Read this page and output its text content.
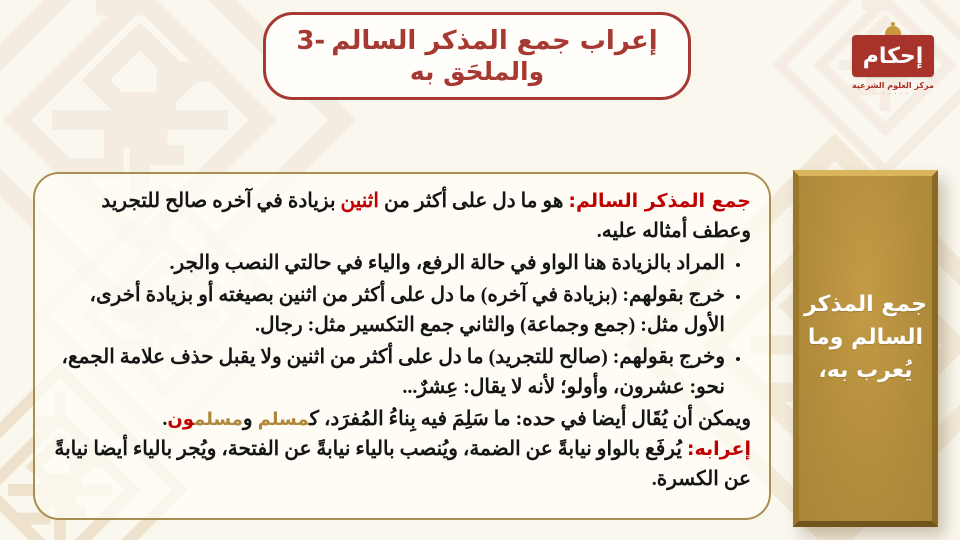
إحكام
مركز العلوم الشرعية
· · · · · ·
3- إعراب جمع المذكر السالم
والملحَق به

جمع المذكر السالم: هو ما دل على أكثر من اثنين بزيادة في آخره صالح للتجريد وعطف أمثاله عليه.

• المراد بالزيادة هنا الواو في حالة الرفع، والياء في حالتي النصب والجر.
• خرج بقولهم: (بزيادة في آخره) ما دل على أكثر من اثنين بصيغته أو بزيادة أخرى، الأول مثل: (جمع وجماعة) والثاني جمع التكسير مثل: رجال.
• وخرج بقولهم: (صالح للتجريد) ما دل على أكثر من اثنين ولا يقبل حذف علامة الجمع، نحو: عشرون، وأولو؛ لأنه لا يقال: عِشرٌ...

ويمكن أن يُقَال أيضا في حده: ما سَلِمَ فيه بِناءُ المُفرَد، ك‍‍مسلم ومسلم‍‍ون.

إعرابه: يُرفَع بالواو نيابةً عن الضمة، ويُنصب بالياء نيابةً عن الفتحة، ويُجر بالياء أيضا نيابةً عن الكسرة.

جمع المذكر
السالم وما
يُعرب به،
